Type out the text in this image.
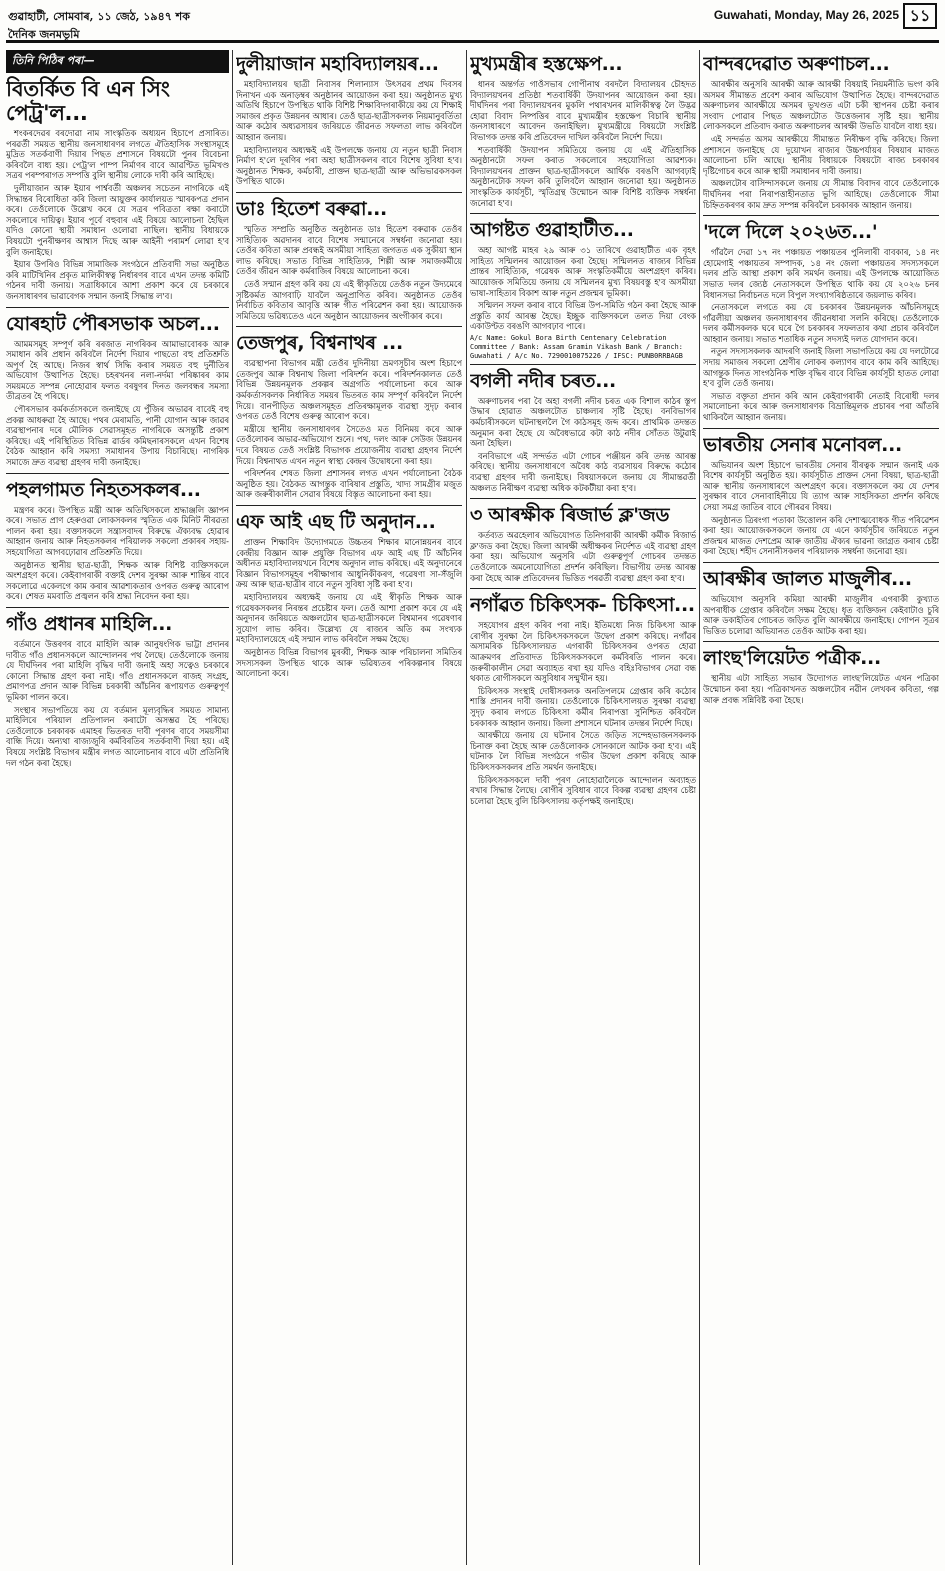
গুৱাহাটী, সোমবাৰ, ১১ জেঠ, ১৯৪৭ শক	Guwahati, Monday, May 26, 2025 ১১
দৈনিক জনমভূমি
তিনি পিঠিৰ পৰা—
বিতৰ্কিত বি এন সিং পেট্ৰ'ল...

শংকৰদেৱৰ বৰদোৱা নাম সাংস্কৃতিক অধ্যয়ন হিচাপে প্ৰসাৰিত। পৰৱৰ্তী সময়ত স্থানীয় জনসাধাৰণৰ লগতে ঐতিহাসিক সংস্থাসমূহে মুদ্ৰিত সতৰ্কবাণী দিয়াৰ পিছত প্ৰশাসনে বিষয়টো পুনৰ বিবেচনা কৰিবলৈ বাধ্য হয়। পেট্ৰ'ল পাম্প নিৰ্মাণৰ বাবে আৱণ্টিত ভূমিখণ্ড সত্ৰৰ পৰম্পৰাগত সম্পত্তি বুলি স্থানীয় লোকে দাবী কৰি আহিছে।

দুলীয়াজান আৰু ইয়াৰ পাৰ্শ্ববৰ্তী অঞ্চলৰ সচেতন নাগৰিকে এই সিদ্ধান্তৰ বিৰোধিতা কৰি জিলা আয়ুক্তৰ কাৰ্যালয়ত স্মাৰকপত্ৰ প্ৰদান কৰে। তেওঁলোকে উল্লেখ কৰে যে সত্ৰৰ পবিত্ৰতা ৰক্ষা কৰাটো সকলোৰে দায়িত্ব। ইয়াৰ পূৰ্বে বহুবাৰ এই বিষয়ে আলোচনা হৈছিল যদিও কোনো স্থায়ী সমাধান ওলোৱা নাছিল। স্থানীয় বিধায়কে বিষয়টো পুনৰীক্ষণৰ আশ্বাস দিছে আৰু আইনী পৰামৰ্শ লোৱা হ'ব বুলি জনাইছে।

ইয়াৰ উপৰিও বিভিন্ন সামাজিক সংগঠনে প্ৰতিবাদী সভা অনুষ্ঠিত কৰি মাটিখিনিৰ প্ৰকৃত মালিকীস্বত্ব নিৰ্ধাৰণৰ বাবে এখন তদন্ত কমিটি গঠনৰ দাবী জনায়। সত্ৰাধিকাৰে আশা প্ৰকাশ কৰে যে চৰকাৰে জনসাধাৰণৰ ভাৱাবেগক সন্মান জনাই সিদ্ধান্ত ল'ব।

যোৰহাট পৌৰসভাক অচল...

আমমসমূহ সম্পূৰ্ণ কৰি ৰৰজাত নাগৰিকৰ আমাভাবোৰক আৰু সমাধান কৰি প্ৰধান কৰিবলৈ নিৰ্দেশ দিয়াৰ পাছতো বহু প্ৰতিশ্ৰুতি অপূৰ্ণ হৈ আছে। নিজৰ স্বাৰ্থ সিদ্ধি কৰাৰ সময়ত বহু দুৰ্নীতিৰ অভিযোগ উত্থাপিত হৈছে। চহৰখনৰ নলা-নৰ্দমা পৰিষ্কাৰৰ কাম সময়মতে সম্পন্ন নোহোৱাৰ ফলত বৰষুণৰ দিনত জলবন্ধৰ সমস্যা তীব্ৰতৰ হৈ পৰিছে।

পৌৰসভাৰ কৰ্মকৰ্তাসকলে জনাইছে যে পুঁজিৰ অভাৱৰ বাবেই বহু প্ৰকল্প আধৰুৱা হৈ আছে। পথৰ মেৰামতি, পানী যোগান আৰু জাৱৰ ব্যৱস্থাপনাৰ দৰে মৌলিক সেৱাসমূহত নাগৰিকে অসন্তুষ্টি প্ৰকাশ কৰিছে। এই পৰিস্থিতিত বিভিন্ন ৱাৰ্ডৰ কমিছনাৰসকলে এখন বিশেষ বৈঠক আহ্বান কৰি সমস্যা সমাধানৰ উপায় বিচাৰিছে। নাগৰিক সমাজে দ্ৰুত ব্যৱস্থা গ্ৰহণৰ দাবী জনাইছে।

পহলগামত নিহতসকলৰ...

মন্ত্ৰণৰ কৰে। উপস্থিত মন্ত্ৰী আৰু অতিথিসকলে শ্ৰদ্ধাঞ্জলি জ্ঞাপন কৰে। সভাত প্ৰাণ হেৰুওৱা লোকসকলৰ স্মৃতিত এক মিনিট নীৰৱতা পালন কৰা হয়। বক্তাসকলে সন্ত্ৰাসবাদৰ বিৰুদ্ধে ঐক্যবদ্ধ হোৱাৰ আহ্বান জনায় আৰু নিহতসকলৰ পৰিয়ালক সকলো প্ৰকাৰৰ সহায়-সহযোগিতা আগবঢ়োৱাৰ প্ৰতিশ্ৰুতি দিয়ে।

অনুষ্ঠানত স্থানীয় ছাত্ৰ-ছাত্ৰী, শিক্ষক আৰু বিশিষ্ট ব্যক্তিসকলে অংশগ্ৰহণ কৰে। কেইবাগৰাকী বক্তাই দেশৰ সুৰক্ষা আৰু শান্তিৰ বাবে সকলোৱে একেলগে কাম কৰাৰ আৱশ্যকতাৰ ওপৰত গুৰুত্ব আৰোপ কৰে। শেষত মমবাতি প্ৰজ্বলন কৰি শ্ৰদ্ধা নিবেদন কৰা হয়।

গাঁও প্ৰধানৰ মাহিলি...

বৰ্তমানে উত্তৰণৰ বাবে মাহিলি আৰু আনুষংগিক ভাট্টা প্ৰদানৰ দাবীত গাঁও প্ৰধানসকলে আন্দোলনৰ পথ লৈছে। তেওঁলোকে জনায় যে দীৰ্ঘদিনৰ পৰা মাহিলি বৃদ্ধিৰ দাবী জনাই অহা সত্বেও চৰকাৰে কোনো সিদ্ধান্ত গ্ৰহণ কৰা নাই। গাঁও প্ৰধানসকলে ৰাজহ সংগ্ৰহ, প্ৰমাণপত্ৰ প্ৰদান আৰু বিভিন্ন চৰকাৰী আঁচনিৰ ৰূপায়ণত গুৰুত্বপূৰ্ণ ভূমিকা পালন কৰে।

সংস্থাৰ সভাপতিয়ে কয় যে বৰ্তমান মূল্যবৃদ্ধিৰ সময়ত সামান্য মাহিলিৰে পৰিয়াল প্ৰতিপালন কৰাটো অসম্ভৱ হৈ পৰিছে। তেওঁলোকে চৰকাৰক এমাহৰ ভিতৰত দাবী পূৰণৰ বাবে সময়সীমা বান্ধি দিয়ে। অন্যথা ৰাজ্যজুৰি কৰ্মবিৰতিৰ সতৰ্কবাণী দিয়া হয়। এই বিষয়ে সংশ্লিষ্ট বিভাগৰ মন্ত্ৰীৰ লগত আলোচনাৰ বাবে এটা প্ৰতিনিধি দল গঠন কৰা হৈছে।

দুলীয়াজান মহাবিদ্যালয়ৰ...

মহাবিদ্যালয়ৰ ছাত্ৰী নিবাসৰ শিলান্যাস উৎসৱৰ প্ৰথম দিবসৰ দিনাখন এক অনাড়ম্বৰ অনুষ্ঠানৰ আয়োজন কৰা হয়। অনুষ্ঠানত মুখ্য অতিথি হিচাপে উপস্থিত থাকি বিশিষ্ট শিক্ষাবিদগৰাকীয়ে কয় যে শিক্ষাই সমাজৰ প্ৰকৃত উন্নয়নৰ আধাৰ। তেওঁ ছাত্ৰ-ছাত্ৰীসকলক নিয়মানুবৰ্তিতা আৰু কঠোৰ অধ্যৱসায়ৰ জৰিয়তে জীৱনত সফলতা লাভ কৰিবলৈ আহ্বান জনায়।

মহাবিদ্যালয়ৰ অধ্যক্ষই এই উপলক্ষে জনায় যে নতুন ছাত্ৰী নিবাস নিৰ্মাণ হ'লে দূৰণিৰ পৰা অহা ছাত্ৰীসকলৰ বাবে বিশেষ সুবিধা হ'ব। অনুষ্ঠানত শিক্ষক, কৰ্মচাৰী, প্ৰাক্তন ছাত্ৰ-ছাত্ৰী আৰু অভিভাৱকসকল উপস্থিত থাকে।

ডাঃ হিতেশ বৰুৱা...

স্মৃতিত সম্প্ৰতি অনুষ্ঠিত অনুষ্ঠানত ডাঃ হিতেশ বৰুৱাক তেওঁৰ সাহিত্যিক অৱদানৰ বাবে বিশেষ সন্মানেৰে সম্বৰ্ধনা জনোৱা হয়। তেওঁৰ কবিতা আৰু প্ৰবন্ধই অসমীয়া সাহিত্য জগতত এক সুকীয়া স্থান লাভ কৰিছে। সভাত বিভিন্ন সাহিত্যিক, শিল্পী আৰু সমাজকৰ্মীয়ে তেওঁৰ জীৱন আৰু কৰ্মৰাজিৰ বিষয়ে আলোচনা কৰে।

তেওঁ সন্মান গ্ৰহণ কৰি কয় যে এই স্বীকৃতিয়ে তেওঁক নতুন উদ্যমেৰে সৃষ্টিকৰ্মত আগবাঢ়ি যাবলৈ অনুপ্ৰাণিত কৰিব। অনুষ্ঠানত তেওঁৰ নিৰ্বাচিত কবিতাৰ আবৃত্তি আৰু গীত পৰিৱেশন কৰা হয়। আয়োজক সমিতিয়ে ভৱিষ্যতেও এনে অনুষ্ঠান আয়োজনৰ অংগীকাৰ কৰে।

তেজপুৰ, বিশ্বনাথৰ ...

ব্যৱস্থাপনা বিভাগৰ মন্ত্ৰী তেওঁৰ দুদিনীয়া ভ্ৰমণসূচীৰ অংশ হিচাপে তেজপুৰ আৰু বিশ্বনাথ জিলা পৰিদৰ্শন কৰে। পৰিদৰ্শনকালত তেওঁ বিভিন্ন উন্নয়নমূলক প্ৰকল্পৰ অগ্ৰগতি পৰ্যালোচনা কৰে আৰু কৰ্মকৰ্তাসকলক নিৰ্ধাৰিত সময়ৰ ভিতৰত কাম সম্পূৰ্ণ কৰিবলৈ নিৰ্দেশ দিয়ে। বানপীড়িত অঞ্চলসমূহত প্ৰতিৰক্ষামূলক ব্যৱস্থা সুদৃঢ় কৰাৰ ওপৰত তেওঁ বিশেষ গুৰুত্ব আৰোপ কৰে।

মন্ত্ৰীয়ে স্থানীয় জনসাধাৰণৰ সৈতেও মত বিনিময় কৰে আৰু তেওঁলোকৰ অভাৱ-অভিযোগ শুনে। পথ, দলং আৰু সেউজ উন্নয়নৰ দৰে বিষয়ত তেওঁ সংশ্লিষ্ট বিভাগক প্ৰয়োজনীয় ব্যৱস্থা গ্ৰহণৰ নিৰ্দেশ দিয়ে। বিশ্বনাথত এখন নতুন স্বাস্থ্য কেন্দ্ৰৰ উদ্বোধনো কৰা হয়।

পৰিদৰ্শনৰ শেষত জিলা প্ৰশাসনৰ লগত এখন পৰ্যালোচনা বৈঠক অনুষ্ঠিত হয়। বৈঠকত আগন্তুক বাৰিষাৰ প্ৰস্তুতি, খাদ্য সামগ্ৰীৰ মজুত আৰু জৰুৰীকালীন সেৱাৰ বিষয়ে বিস্তৃত আলোচনা কৰা হয়।

এফ আই এছ টি অনুদান...

প্ৰাক্তন শিক্ষাবিদ উদ্যোগমতে উচ্চতৰ শিক্ষাৰ মানোন্নয়নৰ বাবে কেন্দ্ৰীয় বিজ্ঞান আৰু প্ৰযুক্তি বিভাগৰ এফ আই এছ টি আঁচনিৰ অধীনত মহাবিদ্যালয়খনে বিশেষ অনুদান লাভ কৰিছে। এই অনুদানেৰে বিজ্ঞান বিভাগসমূহৰ পৰীক্ষাগাৰ আধুনিকীকৰণ, গৱেষণা সা-সঁজুলি ক্ৰয় আৰু ছাত্ৰ-ছাত্ৰীৰ বাবে নতুন সুবিধা সৃষ্টি কৰা হ'ব।

মহাবিদ্যালয়ৰ অধ্যক্ষই জনায় যে এই স্বীকৃতি শিক্ষক আৰু গৱেষকসকলৰ নিৰন্তৰ প্ৰচেষ্টাৰ ফল। তেওঁ আশা প্ৰকাশ কৰে যে এই অনুদানৰ জৰিয়তে অঞ্চলটোৰ ছাত্ৰ-ছাত্ৰীসকলে বিশ্বমানৰ গৱেষণাৰ সুযোগ লাভ কৰিব। উল্লেখ্য যে ৰাজ্যৰ অতি কম সংখ্যক মহাবিদ্যালয়েহে এই সন্মান লাভ কৰিবলৈ সক্ষম হৈছে।

অনুষ্ঠানত বিভিন্ন বিভাগৰ মুৰব্বী, শিক্ষক আৰু পৰিচালনা সমিতিৰ সদস্যসকল উপস্থিত থাকে আৰু ভৱিষ্যতৰ পৰিকল্পনাৰ বিষয়ে আলোচনা কৰে।

মুখ্যমন্ত্ৰীৰ হস্তক্ষেপ...

ধানৰ অন্তৰ্গত গাওঁসভাৰ গোপীনাথ বৰদলৈ বিদ্যালয়ৰ চৌহদত বিদ্যালয়খনৰ প্ৰতিষ্ঠা শতবাৰ্ষিকী উদযাপনৰ আয়োজন কৰা হয়। দীৰ্ঘদিনৰ পৰা বিদ্যালয়খনৰ মুকলি পথাৰখনৰ মালিকীস্বত্ব লৈ উদ্ভৱ হোৱা বিবাদ নিষ্পত্তিৰ বাবে মুখ্যমন্ত্ৰীৰ হস্তক্ষেপ বিচাৰি স্থানীয় জনসাধাৰণে আবেদন জনাইছিল। মুখ্যমন্ত্ৰীয়ে বিষয়টো সংশ্লিষ্ট বিভাগক তদন্ত কৰি প্ৰতিবেদন দাখিল কৰিবলৈ নিৰ্দেশ দিয়ে।

শতবাৰ্ষিকী উদযাপন সমিতিয়ে জনায় যে এই ঐতিহাসিক অনুষ্ঠানটো সফল কৰাত সকলোৰে সহযোগিতা আৱশ্যক। বিদ্যালয়খনৰ প্ৰাক্তন ছাত্ৰ-ছাত্ৰীসকলে আৰ্থিক বৰঙণি আগবঢ়াই অনুষ্ঠানটোক সফল কৰি তুলিবলৈ আহ্বান জনোৱা হয়। অনুষ্ঠানত সাংস্কৃতিক কাৰ্যসূচী, স্মৃতিগ্ৰন্থ উন্মোচন আৰু বিশিষ্ট ব্যক্তিক সম্বৰ্ধনা জনোৱা হ'ব।

আগষ্টত গুৱাহাটীত...

অহা আগষ্ট মাহৰ ২৯ আৰু ৩১ তাৰিখে গুৱাহাটীত এক বৃহৎ সাহিত্য সন্মিলনৰ আয়োজন কৰা হৈছে। সন্মিলনত ৰাজ্যৰ বিভিন্ন প্ৰান্তৰ সাহিত্যিক, গৱেষক আৰু সংস্কৃতিকৰ্মীয়ে অংশগ্ৰহণ কৰিব। আয়োজক সমিতিয়ে জনায় যে সন্মিলনৰ মুখ্য বিষয়বস্তু হ'ব অসমীয়া ভাষা-সাহিত্যৰ বিকাশ আৰু নতুন প্ৰজন্মৰ ভূমিকা।

সন্মিলন সফল কৰাৰ বাবে বিভিন্ন উপ-সমিতি গঠন কৰা হৈছে আৰু প্ৰস্তুতি কাৰ্য আৰম্ভ হৈছে। ইচ্ছুক ব্যক্তিসকলে তলত দিয়া বেংক একাউণ্টত বৰঙণি আগবঢ়াব পাৰে।

A/c Name: Gokul Bora Birth Centenary Celebration Committee / Bank: Assam Gramin Vikash Bank / Branch: Guwahati / A/c No. 7290010075226 / IFSC: PUNB0RRBAGB
বগলী নদীৰ চৰত...

অৰুণাচলৰ পৰা বৈ অহা বগলী নদীৰ চৰত এক বিশাল কাঠৰ স্তূপ উদ্ধাৰ হোৱাত অঞ্চলটোত চাঞ্চল্যৰ সৃষ্টি হৈছে। বনবিভাগৰ কৰ্মচাৰীসকলে ঘটনাস্থললৈ গৈ কাঠসমূহ জব্দ কৰে। প্ৰাথমিক তদন্তত অনুমান কৰা হৈছে যে অবৈধভাৱে কটা কাঠ নদীৰ সোঁতত উটুৱাই অনা হৈছিল।

বনবিভাগে এই সন্দৰ্ভত এটা গোচৰ পঞ্জীয়ন কৰি তদন্ত আৰম্ভ কৰিছে। স্থানীয় জনসাধাৰণে অবৈধ কাঠ ব্যৱসায়ৰ বিৰুদ্ধে কঠোৰ ব্যৱস্থা গ্ৰহণৰ দাবী জনাইছে। বিষয়াসকলে জনায় যে সীমান্তৱৰ্তী অঞ্চলত নিৰীক্ষণ ব্যৱস্থা অধিক কটকটীয়া কৰা হ'ব।

৩ আৰক্ষীক ৰিজাৰ্ভ ক্ল'জড

কৰ্তব্যত অৱহেলাৰ অভিযোগত তিনিগৰাকী আৰক্ষী কৰ্মীক ৰিজাৰ্ভ ক্ল'জড কৰা হৈছে। জিলা আৰক্ষী অধীক্ষকৰ নিৰ্দেশত এই ব্যৱস্থা গ্ৰহণ কৰা হয়। অভিযোগ অনুসৰি এটা গুৰুত্বপূৰ্ণ গোচৰৰ তদন্তত তেওঁলোকে অমনোযোগিতা প্ৰদৰ্শন কৰিছিল। বিভাগীয় তদন্ত আৰম্ভ কৰা হৈছে আৰু প্ৰতিবেদনৰ ভিত্তিত পৰৱৰ্তী ব্যৱস্থা গ্ৰহণ কৰা হ'ব।

নগাঁৱত চিকিৎসক- চিকিৎসা...

সহযোগৰ গ্ৰহণ কৰিব পৰা নাই। ইতিমধ্যে নিজ চিকিৎসা আৰু ৰোগীৰ সুৰক্ষা লৈ চিকিৎসকসকলে উদ্বেগ প্ৰকাশ কৰিছে। নগাঁৱৰ অসামৰিক চিকিৎসালয়ত এগৰাকী চিকিৎসকৰ ওপৰত হোৱা আক্ৰমণৰ প্ৰতিবাদত চিকিৎসকসকলে কৰ্মবিৰতি পালন কৰে। জৰুৰীকালীন সেৱা অব্যাহত ৰখা হয় যদিও বহিঃবিভাগৰ সেৱা বন্ধ থকাত ৰোগীসকলে অসুবিধাৰ সন্মুখীন হয়।

চিকিৎসক সংস্থাই দোষীসকলক অনতিপলমে গ্ৰেপ্তাৰ কৰি কঠোৰ শাস্তি প্ৰদানৰ দাবী জনায়। তেওঁলোকে চিকিৎসালয়ত সুৰক্ষা ব্যৱস্থা সুদৃঢ় কৰাৰ লগতে চিকিৎসা কৰ্মীৰ নিৰাপত্তা সুনিশ্চিত কৰিবলৈ চৰকাৰক আহ্বান জনায়। জিলা প্ৰশাসনে ঘটনাৰ তদন্তৰ নিৰ্দেশ দিছে।

আৰক্ষীয়ে জনায় যে ঘটনাৰ সৈতে জড়িত সন্দেহভাজনসকলক চিনাক্ত কৰা হৈছে আৰু তেওঁলোকক সোনকালে আটক কৰা হ'ব। এই ঘটনাক লৈ বিভিন্ন সংগঠনে গভীৰ উদ্বেগ প্ৰকাশ কৰিছে আৰু চিকিৎসকসকলৰ প্ৰতি সমৰ্থন জনাইছে।

চিকিৎসকসকলে দাবী পূৰণ নোহোৱালৈকে আন্দোলন অব্যাহত ৰখাৰ সিদ্ধান্ত লৈছে। ৰোগীৰ সুবিধাৰ বাবে বিকল্প ব্যৱস্থা গ্ৰহণৰ চেষ্টা চলোৱা হৈছে বুলি চিকিৎসালয় কৰ্তৃপক্ষই জনাইছে।

বান্দৰদেৱাত অৰুণাচল...

আৰক্ষীৰ অনুসৰি আৰক্ষী আৰু আৰক্ষী বিষয়াই নিয়মনীতি ভংগ কৰি অসমৰ সীমান্তত প্ৰবেশ কৰাৰ অভিযোগ উত্থাপিত হৈছে। বান্দৰদেৱাত অৰুণাচলৰ আৰক্ষীয়ে অসমৰ ভূখণ্ডত এটা চকী স্থাপনৰ চেষ্টা কৰাৰ সংবাদ পোৱাৰ পিছত অঞ্চলটোত উত্তেজনাৰ সৃষ্টি হয়। স্থানীয় লোকসকলে প্ৰতিবাদ কৰাত অৰুণাচলৰ আৰক্ষী উভতি যাবলৈ বাধ্য হয়।

এই সন্দৰ্ভত অসম আৰক্ষীয়ে সীমান্তত নিৰীক্ষণ বৃদ্ধি কৰিছে। জিলা প্ৰশাসনে জনাইছে যে দুয়োখন ৰাজ্যৰ উচ্চপৰ্যায়ৰ বিষয়াৰ মাজত আলোচনা চলি আছে। স্থানীয় বিধায়কে বিষয়টো ৰাজ্য চৰকাৰৰ দৃষ্টিগোচৰ কৰে আৰু স্থায়ী সমাধানৰ দাবী জনায়।

অঞ্চলটোৰ বাসিন্দাসকলে জনায় যে সীমান্ত বিবাদৰ বাবে তেওঁলোকে দীৰ্ঘদিনৰ পৰা নিৰাপত্তাহীনতাত ভুগি আহিছে। তেওঁলোকে সীমা চিহ্নিতকৰণৰ কাম দ্ৰুত সম্পন্ন কৰিবলৈ চৰকাৰক আহ্বান জনায়।

'দলে দিলে ২০২৬ত...'

গাঁৱলৈ দেৱা ১৭ নং পঞ্চায়ত পঞ্চায়তৰ পুনিলাৰী বাবকাৰ, ১৪ নং হোমেগাই পঞ্চায়তৰ সম্পাদক, ১৪ নং জেলা পঞ্চায়তৰ সদস্যসকলে দলৰ প্ৰতি আস্থা প্ৰকাশ কৰি সমৰ্থন জনায়। এই উপলক্ষে আয়োজিত সভাত দলৰ জ্যেষ্ঠ নেতাসকলে উপস্থিত থাকি কয় যে ২০২৬ চনৰ বিধানসভা নিৰ্বাচনত দলে বিপুল সংখ্যাগৰিষ্ঠতাৰে জয়লাভ কৰিব।

নেতাসকলে লগতে কয় যে চৰকাৰৰ উন্নয়নমূলক আঁচনিসমূহে গাঁৱলীয়া অঞ্চলৰ জনসাধাৰণৰ জীৱনধাৰা সলনি কৰিছে। তেওঁলোকে দলৰ কৰ্মীসকলক ঘৰে ঘৰে গৈ চৰকাৰৰ সফলতাৰ কথা প্ৰচাৰ কৰিবলৈ আহ্বান জনায়। সভাত শতাধিক নতুন সদস্যই দলত যোগদান কৰে।

নতুন সদস্যসকলক আদৰণি জনাই জিলা সভাপতিয়ে কয় যে দলটোৱে সদায় সমাজৰ সকলো শ্ৰেণীৰ লোকৰ কল্যাণৰ বাবে কাম কৰি আহিছে। আগন্তুক দিনত সাংগঠনিক শক্তি বৃদ্ধিৰ বাবে বিভিন্ন কাৰ্যসূচী হাতত লোৱা হ'ব বুলি তেওঁ জনায়।

সভাত বক্তৃতা প্ৰদান কৰি আন কেইবাগৰাকী নেতাই বিৰোধী দলৰ সমালোচনা কৰে আৰু জনসাধাৰণক বিভ্ৰান্তিমূলক প্ৰচাৰৰ পৰা আঁতৰি থাকিবলৈ আহ্বান জনায়।

ভাৰতীয় সেনাৰ মনোবল...

অভিযানৰ অংশ হিচাপে ভাৰতীয় সেনাৰ বীৰত্বক সন্মান জনাই এক বিশেষ কাৰ্যসূচী অনুষ্ঠিত হয়। কাৰ্যসূচীত প্ৰাক্তন সেনা বিষয়া, ছাত্ৰ-ছাত্ৰী আৰু স্থানীয় জনসাধাৰণে অংশগ্ৰহণ কৰে। বক্তাসকলে কয় যে দেশৰ সুৰক্ষাৰ বাবে সেনাবাহিনীয়ে যি ত্যাগ আৰু সাহসিকতা প্ৰদৰ্শন কৰিছে সেয়া সমগ্ৰ জাতিৰ বাবে গৌৰৱৰ বিষয়।

অনুষ্ঠানত ত্ৰিৰংগা পতাকা উত্তোলন কৰি দেশাত্মবোধক গীত পৰিৱেশন কৰা হয়। আয়োজকসকলে জনায় যে এনে কাৰ্যসূচীৰ জৰিয়তে নতুন প্ৰজন্মৰ মাজত দেশপ্ৰেম আৰু জাতীয় ঐক্যৰ ভাৱনা জাগ্ৰত কৰাৰ চেষ্টা কৰা হৈছে। শহীদ সেনানীসকলৰ পৰিয়ালক সম্বৰ্ধনা জনোৱা হয়।

আৰক্ষীৰ জালত মাজুলীৰ...

অভিযোগ অনুসৰি কমিয়া আৰক্ষী মাজুলীৰ এগৰাকী কুখ্যাত অপৰাধীক গ্ৰেপ্তাৰ কৰিবলৈ সক্ষম হৈছে। ধৃত ব্যক্তিজন কেইবাটাও চুৰি আৰু ডকাইতিৰ গোচৰত জড়িত বুলি আৰক্ষীয়ে জনাইছে। গোপন সূত্ৰৰ ভিত্তিত চলোৱা অভিযানত তেওঁক আটক কৰা হয়।

লাংছ'লিয়েটত পত্ৰীক...

স্থানীয় এটা সাহিত্য সভাৰ উদ্যোগত লাংছ'লিয়েটত এখন পত্ৰিকা উন্মোচন কৰা হয়। পত্ৰিকাখনত অঞ্চলটোৰ নৱীন লেখকৰ কবিতা, গল্প আৰু প্ৰবন্ধ সন্নিবিষ্ট কৰা হৈছে।
